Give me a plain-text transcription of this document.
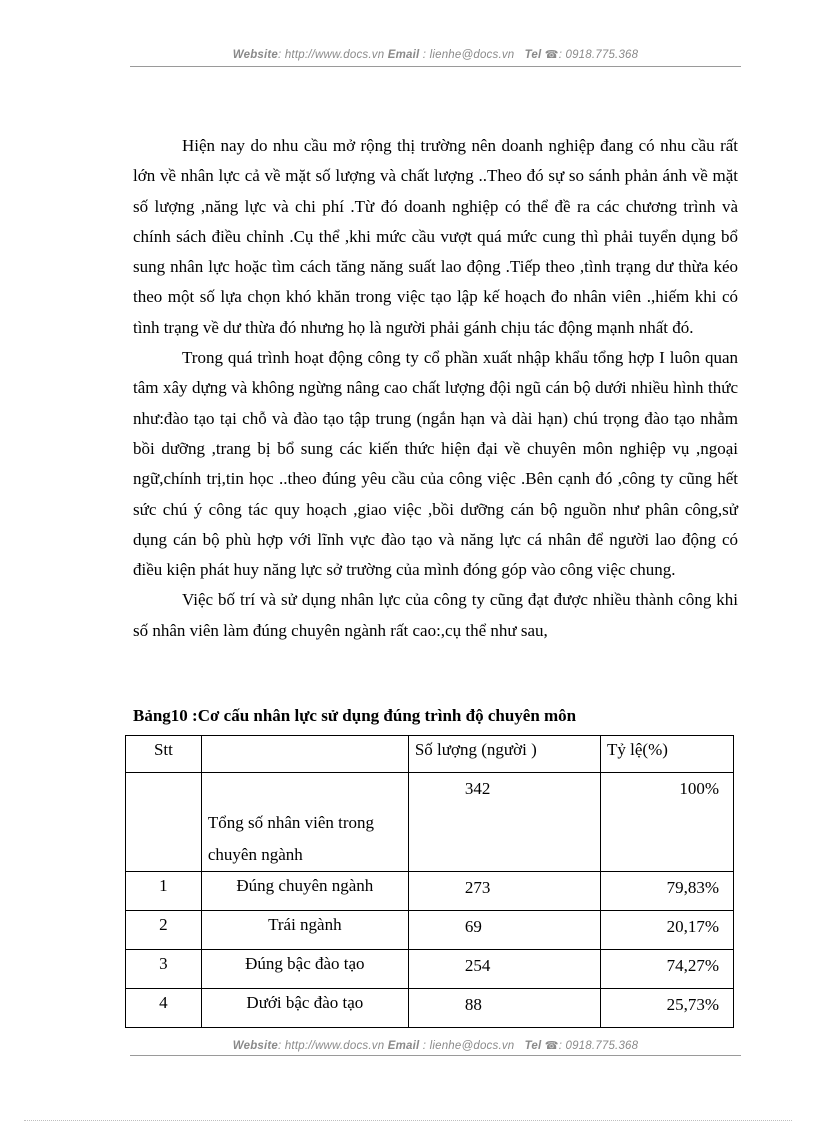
Website: http://www.docs.vn Email : lienhe@docs.vn Tel ☎: 0918.775.368

Hiện nay do nhu cầu mở rộng thị trường nên doanh nghiệp đang có nhu cầu rất lớn về nhân lực cả về mặt số lượng và chất lượng ..Theo đó sự so sánh phản ánh về mặt số lượng ,năng lực và chi phí .Từ đó doanh nghiệp có thể đề ra các chương trình và chính sách điều chỉnh .Cụ thể ,khi mức cầu vượt quá mức cung thì phải tuyển dụng bổ sung nhân lực hoặc tìm cách tăng năng suất lao động .Tiếp theo ,tình trạng dư thừa kéo theo một số lựa chọn khó khăn trong việc tạo lập kế hoạch đo nhân viên .,hiếm khi có tình trạng về dư thừa đó nhưng họ là người phải gánh chịu tác động mạnh nhất đó.

Trong quá trình hoạt động công ty cổ phần xuất nhập khẩu tổng hợp I luôn quan tâm xây dựng và không ngừng nâng cao chất lượng đội ngũ cán bộ dưới nhiều hình thức như:đào tạo tại chỗ và đào tạo tập trung (ngắn hạn và dài hạn) chú trọng đào tạo nhằm bồi dưỡng ,trang bị bổ sung các kiến thức hiện đại về chuyên môn nghiệp vụ ,ngoại ngữ,chính trị,tin học ..theo đúng yêu cầu của công việc .Bên cạnh đó ,công ty cũng hết sức chú ý công tác quy hoạch ,giao việc ,bồi dưỡng cán bộ nguồn như phân công,sử dụng cán bộ phù hợp với lĩnh vực đào tạo và năng lực cá nhân để người lao động có điều kiện phát huy năng lực sở trường của mình đóng góp vào công việc chung.

Việc bố trí và sử dụng nhân lực của công ty cũng đạt được nhiều thành công khi số nhân viên làm đúng chuyên ngành rất cao:,cụ thể như sau,

Bảng10 :Cơ cấu nhân lực sử dụng đúng trình độ chuyên môn
Stt		Số lượng (người )	Tỷ lệ(%)
	Tổng số nhân viên trong chuyên ngành	342	100%
1	Đúng chuyên ngành	273	79,83%
2	Trái ngành	69	20,17%
3	Đúng bậc đào tạo	254	74,27%
4	Dưới bậc đào tạo	88	25,73%
Website: http://www.docs.vn Email : lienhe@docs.vn Tel ☎: 0918.775.368
